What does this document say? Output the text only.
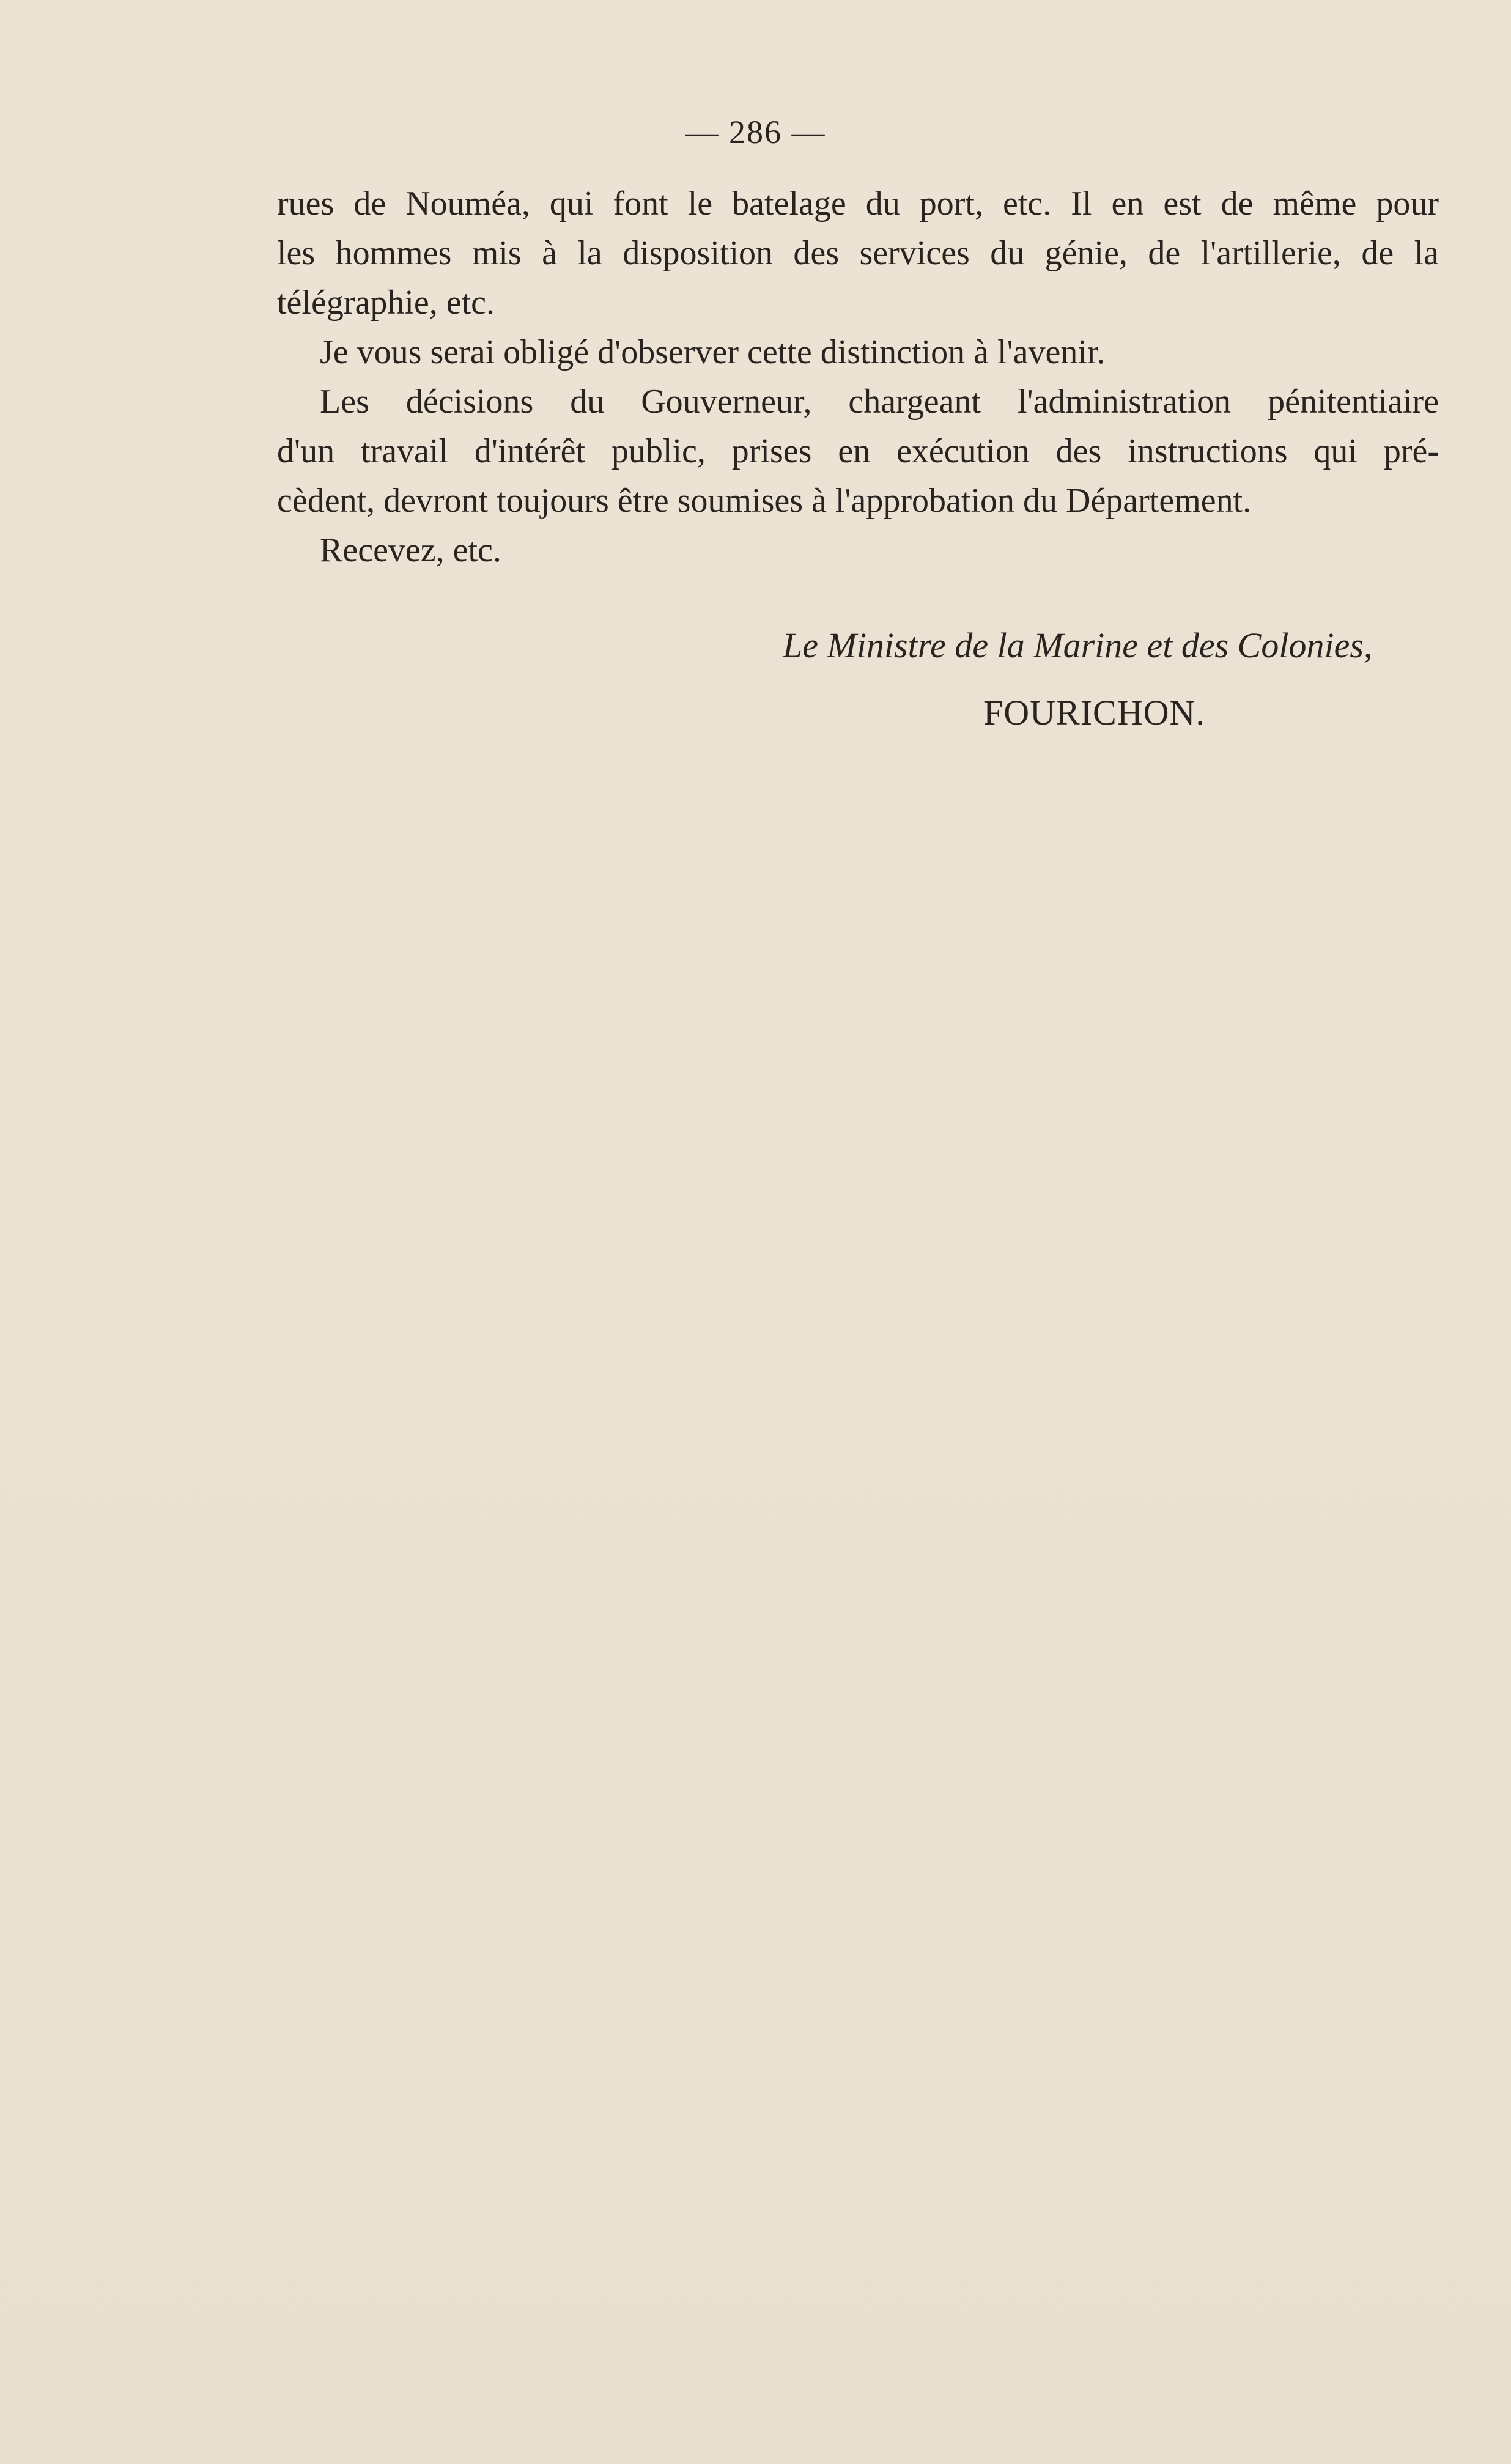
— 286 —
rues de Nouméa, qui font le batelage du port, etc. Il en est de même pour
les hommes mis à la disposition des services du génie, de l'artillerie, de la
télégraphie, etc.
Je vous serai obligé d'observer cette distinction à l'avenir.
Les décisions du Gouverneur, chargeant l'administration pénitentiaire
d'un travail d'intérêt public, prises en exécution des instructions qui pré-
cèdent, devront toujours être soumises à l'approbation du Département.
Recevez, etc.
Le Ministre de la Marine et des Colonies,
FOURICHON.
